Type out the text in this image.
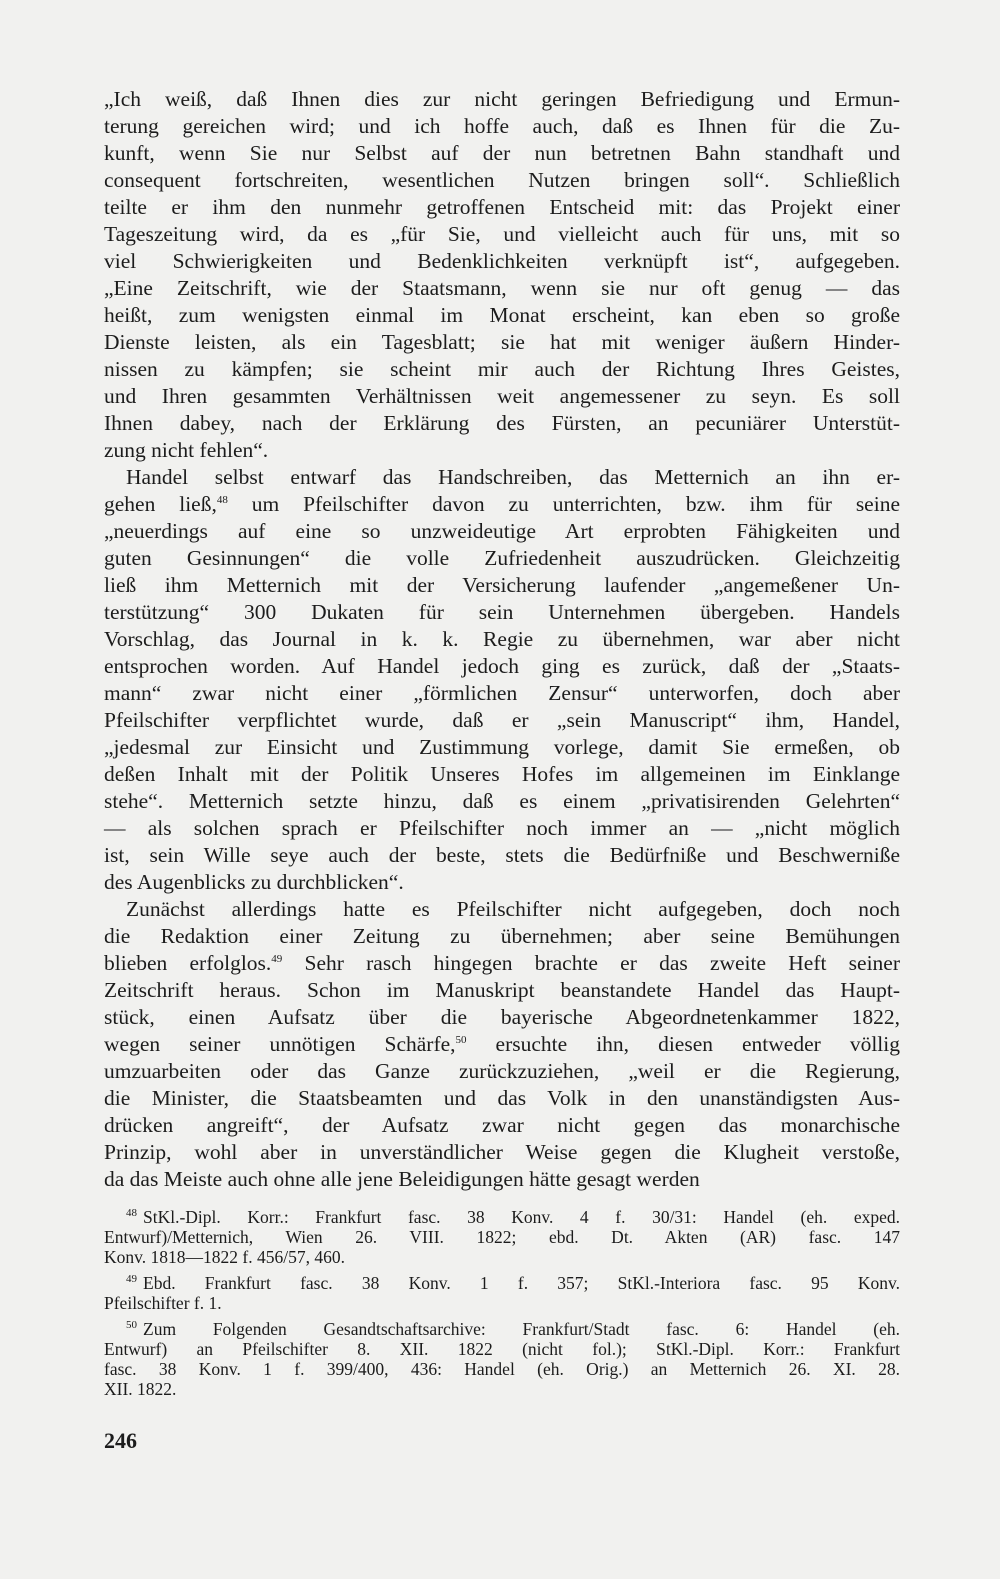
„Ich weiß, daß Ihnen dies zur nicht geringen Befriedigung und Ermun-
terung gereichen wird; und ich hoffe auch, daß es Ihnen für die Zu-
kunft, wenn Sie nur Selbst auf der nun betretnen Bahn standhaft und
consequent fortschreiten, wesentlichen Nutzen bringen soll“. Schließlich
teilte er ihm den nunmehr getroffenen Entscheid mit: das Projekt einer
Tageszeitung wird, da es „für Sie, und vielleicht auch für uns, mit so
viel Schwierigkeiten und Bedenklichkeiten verknüpft ist“, aufgegeben.
„Eine Zeitschrift, wie der Staatsmann, wenn sie nur oft genug — das
heißt, zum wenigsten einmal im Monat erscheint, kan eben so große
Dienste leisten, als ein Tagesblatt; sie hat mit weniger äußern Hinder-
nissen zu kämpfen; sie scheint mir auch der Richtung Ihres Geistes,
und Ihren gesammten Verhältnissen weit angemessener zu seyn. Es soll
Ihnen dabey, nach der Erklärung des Fürsten, an pecuniärer Unterstüt-
zung nicht fehlen“.

Handel selbst entwarf das Handschreiben, das Metternich an ihn er-
gehen ließ,$^{48}$ um Pfeilschifter davon zu unterrichten, bzw. ihm für seine
„neuerdings auf eine so unzweideutige Art erprobten Fähigkeiten und
guten Gesinnungen“ die volle Zufriedenheit auszudrücken. Gleichzeitig
ließ ihm Metternich mit der Versicherung laufender „angemeßener Un-
terstützung“ 300 Dukaten für sein Unternehmen übergeben. Handels
Vorschlag, das Journal in k. k. Regie zu übernehmen, war aber nicht
entsprochen worden. Auf Handel jedoch ging es zurück, daß der „Staats-
mann“ zwar nicht einer „förmlichen Zensur“ unterworfen, doch aber
Pfeilschifter verpflichtet wurde, daß er „sein Manuscript“ ihm, Handel,
„jedesmal zur Einsicht und Zustimmung vorlege, damit Sie ermeßen, ob
deßen Inhalt mit der Politik Unseres Hofes im allgemeinen im Einklange
stehe“. Metternich setzte hinzu, daß es einem „privatisirenden Gelehrten“
— als solchen sprach er Pfeilschifter noch immer an — „nicht möglich
ist, sein Wille seye auch der beste, stets die Bedürfniße und Beschwerniße
des Augenblicks zu durchblicken“.

Zunächst allerdings hatte es Pfeilschifter nicht aufgegeben, doch noch
die Redaktion einer Zeitung zu übernehmen; aber seine Bemühungen
blieben erfolglos.$^{49}$ Sehr rasch hingegen brachte er das zweite Heft seiner
Zeitschrift heraus. Schon im Manuskript beanstandete Handel das Haupt-
stück, einen Aufsatz über die bayerische Abgeordnetenkammer 1822,
wegen seiner unnötigen Schärfe,$^{50}$ ersuchte ihn, diesen entweder völlig
umzuarbeiten oder das Ganze zurückzuziehen, „weil er die Regierung,
die Minister, die Staatsbeamten und das Volk in den unanständigsten Aus-
drücken angreift“, der Aufsatz zwar nicht gegen das monarchische
Prinzip, wohl aber in unverständlicher Weise gegen die Klugheit verstoße,
da das Meiste auch ohne alle jene Beleidigungen hätte gesagt werden

$^{48}$ StKl.-Dipl. Korr.: Frankfurt fasc. 38 Konv. 4 f. 30/31: Handel (eh. exped.
Entwurf)/Metternich, Wien 26. VIII. 1822; ebd. Dt. Akten (AR) fasc. 147
Konv. 1818—1822 f. 456/57, 460.
$^{49}$ Ebd. Frankfurt fasc. 38 Konv. 1 f. 357; StKl.-Interiora fasc. 95 Konv.
Pfeilschifter f. 1.
$^{50}$ Zum Folgenden Gesandtschaftsarchive: Frankfurt/Stadt fasc. 6: Handel (eh.
Entwurf) an Pfeilschifter 8. XII. 1822 (nicht fol.); StKl.-Dipl. Korr.: Frankfurt
fasc. 38 Konv. 1 f. 399/400, 436: Handel (eh. Orig.) an Metternich 26. XI. 28.
XII. 1822.
246
